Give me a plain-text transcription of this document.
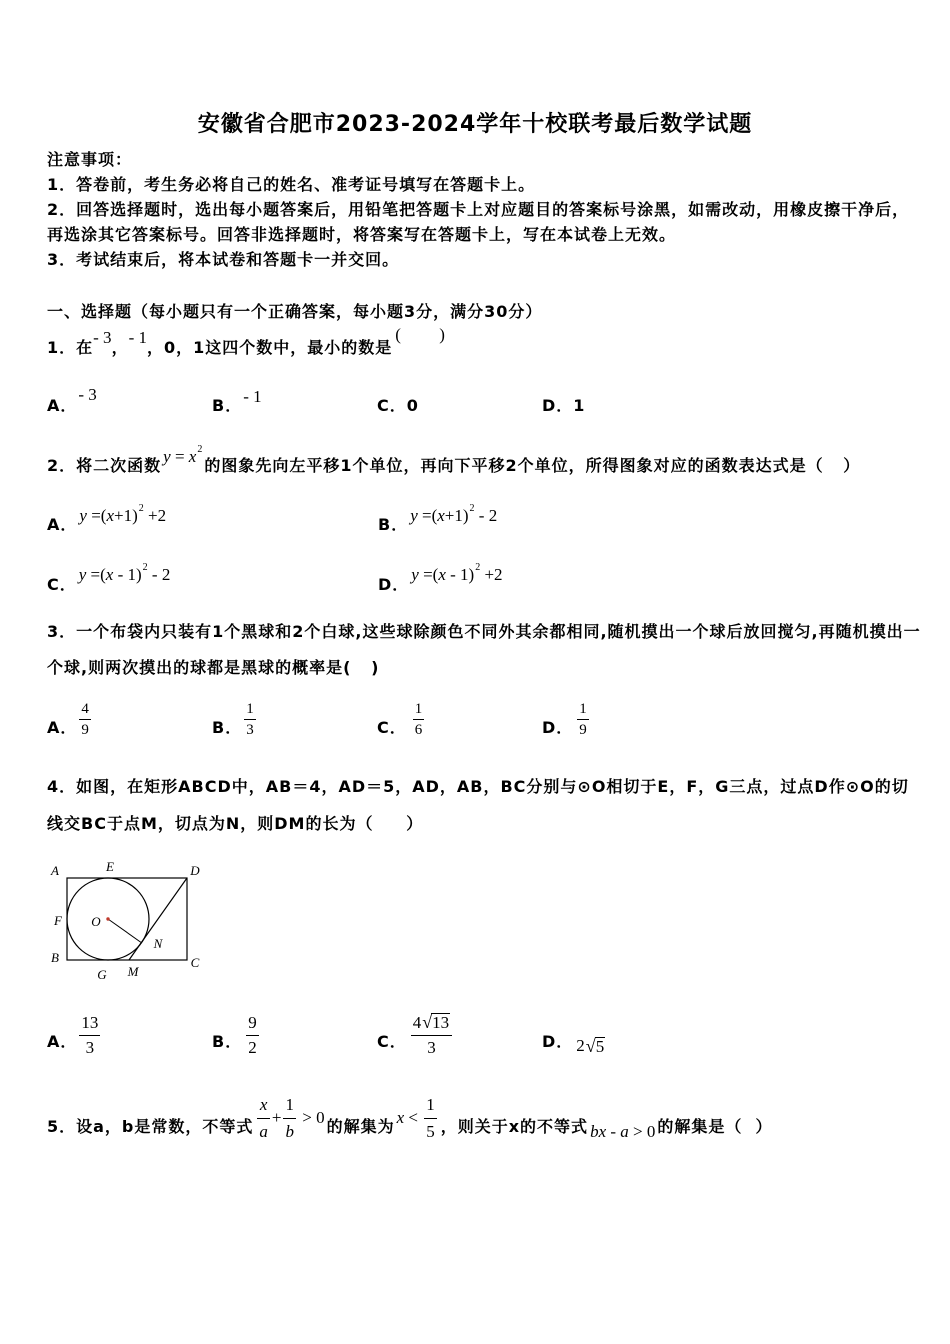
安徽省合肥市2023-2024学年十校联考最后数学试题
注意事项：
1．答卷前，考生务必将自己的姓名、准考证号填写在答题卡上。
2．回答选择题时，选出每小题答案后，用铅笔把答题卡上对应题目的答案标号涂黑，如需改动，用橡皮擦干净后，
再选涂其它答案标号。回答非选择题时，将答案写在答题卡上，写在本试卷上无效。
3．考试结束后，将本试卷和答题卡一并交回。
一、选择题（每小题只有一个正确答案，每小题3分，满分30分）
1．在
- 3
，
- 1
，0，1这四个数中，最小的数是
(         )
A．
- 3
B． - 1	C． 0	D． 1
2．将二次函数 y = x 2
的图象先向左平移1个单位，再向下平移2个单位，所得图象对应的函数表达式是（   ）
A． y =( x +1) 2 +2	B． y =( x +1) 2 - 2
C．
y =( x - 1) 2 - 2
D．
y =( x - 1) 2 +2
3．一个布袋内只装有1个黑球和2个白球,这些球除颜色不同外其余都相同,随机摸出一个球后放回搅匀,再随机摸出一
个球,则两次摸出的球都是黑球的概率是(   )
A． $\frac{4}{9}$	B． $\frac{1}{3}$	C． $\frac{1}{6}$	D． $\frac{1}{9}$
4．如图，在矩形ABCD中，AB＝4，AD＝5，AD，AB，BC分别与⊙O相切于E，F，G三点，过点D作⊙O的切
线交BC于点M，切点为N，则DM的长为（     ）
A	E	D
F O
N
B	C
G M
A． $\frac{13}{3}$	B． $\frac{9}{2}$	C． $\frac{4√13}{3}$	D． 2 √ 5
5．设a，b是常数，不等式 $\frac{x}{a} + \frac{1}{b} > 0$ 的解集为 $x < \frac{1}{5}$ ，则关于x的不等式 bx - a > 0 的解集是（  ）
